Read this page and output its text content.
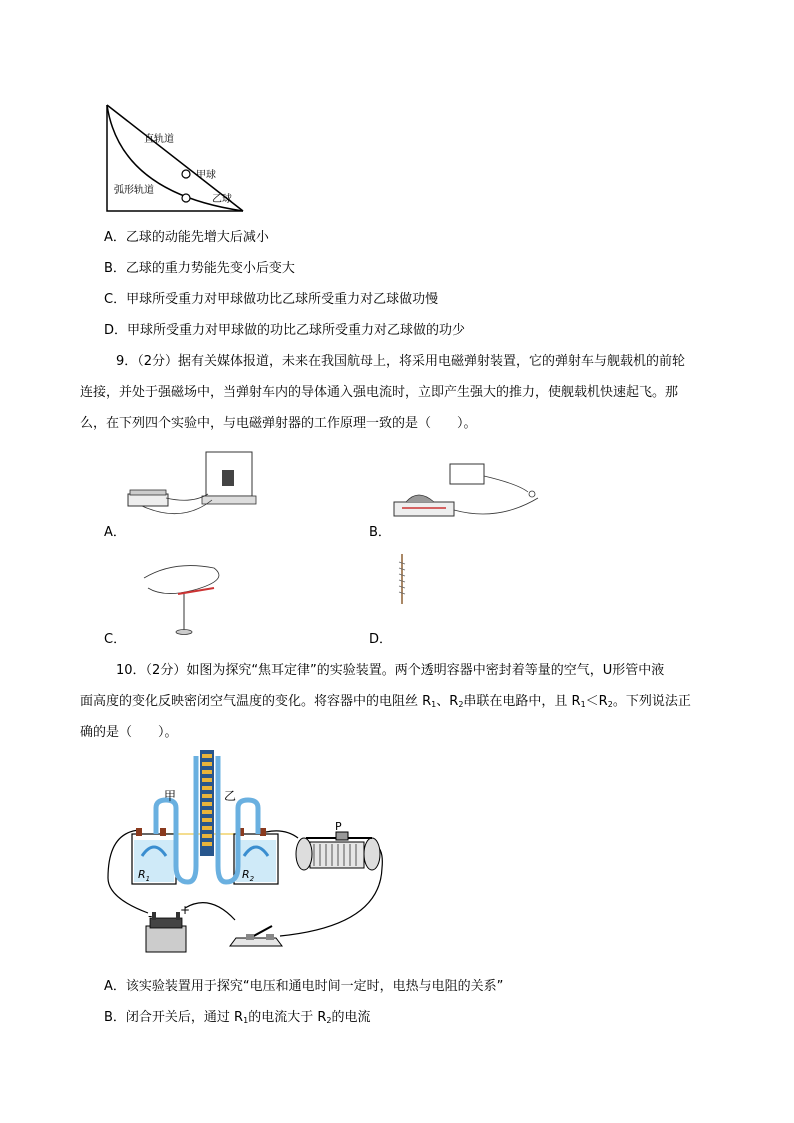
直轨道
甲球
弧形轨道
乙球
A．乙球的动能先增大后减小
B．乙球的重力势能先变小后变大
C．甲球所受重力对甲球做功比乙球所受重力对乙球做功慢
D．甲球所受重力对甲球做的功比乙球所受重力对乙球做的功少
9．（2分）据有关媒体报道，未来在我国航母上，将采用电磁弹射装置，它的弹射车与舰载机的前轮
连接，并处于强磁场中，当弹射车内的导体通入强电流时，立即产生强大的推力，使舰载机快速起飞。那
么，在下列四个实验中，与电磁弹射器的工作原理一致的是（　　）。
A．	B．
C．	D．
10．（2分）如图为探究“焦耳定律”的实验装置。两个透明容器中密封着等量的空气，U形管中液
面高度的变化反映密闭空气温度的变化。将容器中的电阻丝 $R_1$、$R_2$串联在电路中，且 $R_1<R_2$。下列说法正
确的是（　　）。
$R_1$	$R_2$
甲	乙
P
- +
A．该实验装置用于探究“电压和通电时间一定时，电热与电阻的关系”
B．闭合开关后，通过 $R_1$的电流大于 $R_2$的电流
